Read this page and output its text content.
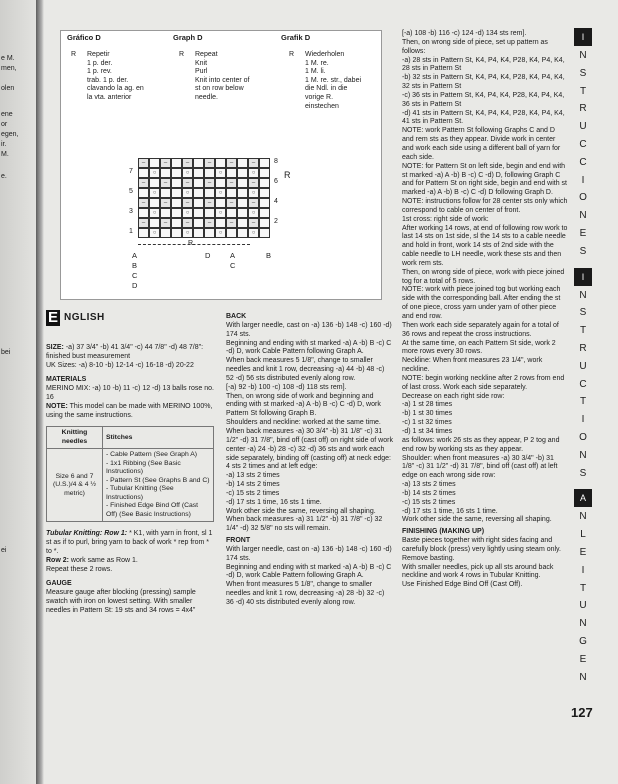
e M.
men,
olen
ene
or
egen,
ir.
M.
e.
bei
ei
Gráfico D	Graph D	Grafik D
R Repetir
1 p. der.
1 p. rev.
trab. 1 p. der.
clavando la ag. en
la vta. anterior
R Repeat
Knit
Purl
Knit into center of
st on row below
needle.
R Wiederholen
1 M. re.
1 M. li.
1 M. re. str., dabei
die Ndl. in die
vorige R.
einstechen
–	–	–	–	–	–
○	○	○	○
–	–	–	–	–	–
○	○	○	○
–	–	–	–	–	–
○	○	○	○
–	–	–	–	–	–
○	○	○	○
7
5
3
1
8
6
4
2
R
R
A
B
C
D	A
C
B
D
E NGLISH
SIZE: -a) 37 3/4" -b) 41 3/4" -c) 44 7/8" -d) 48 7/8": finished bust measurement
UK Sizes: -a) 8-10 -b) 12-14 -c) 16-18 -d) 20-22
MATERIALS
MERINO MIX: -a) 10 -b) 11 -c) 12 -d) 13 balls rose no. 16
NOTE: This model can be made with MERINO 100%, using the same instructions.
Knitting needles	Stitches
Size 6 and 7 (U.S.)/4 & 4 ½ metric)	- Cable Pattern (See Graph A)
- 1x1 Ribbing (See Basic Instructions)
- Pattern St (See Graphs B and C)
- Tubular Knitting (See Instructions)
- Finished Edge Bind Off (Cast Off) (See Basic Instructions)
Tubular Knitting: Row 1: * K1, with yarn in front, sl 1 st as if to purl, bring yarn to back of work * rep from * to *.
Row 2: work same as Row 1.
Repeat these 2 rows.
GAUGE
Measure gauge after blocking (pressing) sample swatch with iron on lowest setting. With smaller needles in Pattern St: 19 sts and 34 rows = 4x4"
BACK
With larger needle, cast on -a) 136 -b) 148 -c) 160 -d) 174 sts.
Beginning and ending with st marked -a) A -b) B -c) C -d) D, work Cable Pattern following Graph A.
When back measures 5 1/8", change to smaller needles and knit 1 row, decreasing -a) 44 -b) 48 -c) 52 -d) 56 sts distributed evenly along row.
[-a) 92 -b) 100 -c) 108 -d) 118 sts rem].
Then, on wrong side of work and beginning and ending with st marked -a) A -b) B -c) C -d) D, work Pattern St following Graph B.
Shoulders and neckline: worked at the same time.
When back measures -a) 30 3/4" -b) 31 1/8" -c) 31 1/2" -d) 31 7/8", bind off (cast off) on right side of work center -a) 24 -b) 28 -c) 32 -d) 36 sts and work each side separately, binding off (casting off) at neck edge: 4 sts 2 times and at left edge:
-a) 13 sts 2 times
-b) 14 sts 2 times
-c) 15 sts 2 times
-d) 17 sts 1 time, 16 sts 1 time.
Work other side the same, reversing all shaping.
When back measures -a) 31 1/2" -b) 31 7/8" -c) 32 1/4" -d) 32 5/8" no sts will remain.
FRONT
With larger needle, cast on -a) 136 -b) 148 -c) 160 -d) 174 sts.
Beginning and ending with st marked -a) A -b) B -c) C -d) D, work Cable Pattern following Graph A.
When front measures 5 1/8", change to smaller needles and knit 1 row, decreasing -a) 28 -b) 32 -c) 36 -d) 40 sts distributed evenly along row.
[-a) 108 -b) 116 -c) 124 -d) 134 sts rem].
Then, on wrong side of piece, set up pattern as follows:
-a) 28 sts in Pattern St, K4, P4, K4, P28, K4, P4, K4, 28 sts in Pattern St
-b) 32 sts in Pattern St, K4, P4, K4, P28, K4, P4, K4, 32 sts in Pattern St
-c) 36 sts in Pattern St, K4, P4, K4, P28, K4, P4, K4, 36 sts in Pattern St
-d) 41 sts in Pattern St, K4, P4, K4, P28, K4, P4, K4, 41 sts in Pattern St.
NOTE: work Pattern St following Graphs C and D and rem sts as they appear. Divide work in center and work each side using a different ball of yarn for each side.
NOTE: for Pattern St on left side, begin and end with st marked -a) A -b) B -c) C -d) D, following Graph C and for Pattern St on right side, begin and end with st marked -a) A -b) B -c) C -d) D following Graph D.
NOTE: instructions follow for 28 center sts only which correspond to cable on center of front.
1st cross: right side of work:
After working 14 rows, at end of following row work to last 14 sts on 1st side, sl the 14 sts to a cable needle and hold in front, work 14 sts of 2nd side with the cable needle to LH needle, work these sts and then work rem sts.
Then, on wrong side of piece, work with piece joined tog for a total of 5 rows.
NOTE: work with piece joined tog but working each side with the corresponding ball. After ending the st of one piece, cross yarn under yarn of other piece and end row.
Then work each side separately again for a total of 36 rows and repeat the cross instructions.
At the same time, on each Pattern St side, work 2 more rows every 30 rows.
Neckline: When front measures 23 1/4", work neckline.
NOTE: begin working neckline after 2 rows from end of last cross. Work each side separately.
Decrease on each right side row:
-a) 1 st 28 times
-b) 1 st 30 times
-c) 1 st 32 times
-d) 1 st 34 times
as follows: work 26 sts as they appear, P 2 tog and end row by working sts as they appear.
Shoulder: when front measures -a) 30 3/4" -b) 31 1/8" -c) 31 1/2" -d) 31 7/8", bind off (cast off) at left edge on each wrong side row:
-a) 13 sts 2 times
-b) 14 sts 2 times
-c) 15 sts 2 times
-d) 17 sts 1 time, 16 sts 1 time.
Work other side the same, reversing all shaping.
FINISHING (MAKING UP)
Baste pieces together with right sides facing and carefully block (press) very lightly using steam only. Remove basting.
With smaller needles, pick up all sts around back neckline and work 4 rows in Tubular Knitting.
Use Finished Edge Bind Off (Cast Off).
I
N
S
T
R
U
C
C
I
O
N
E
S
I
N
S
T
R
U
C
T
I
O
N
S
A
N
L
E
I
T
U
N
G
E
N
127
